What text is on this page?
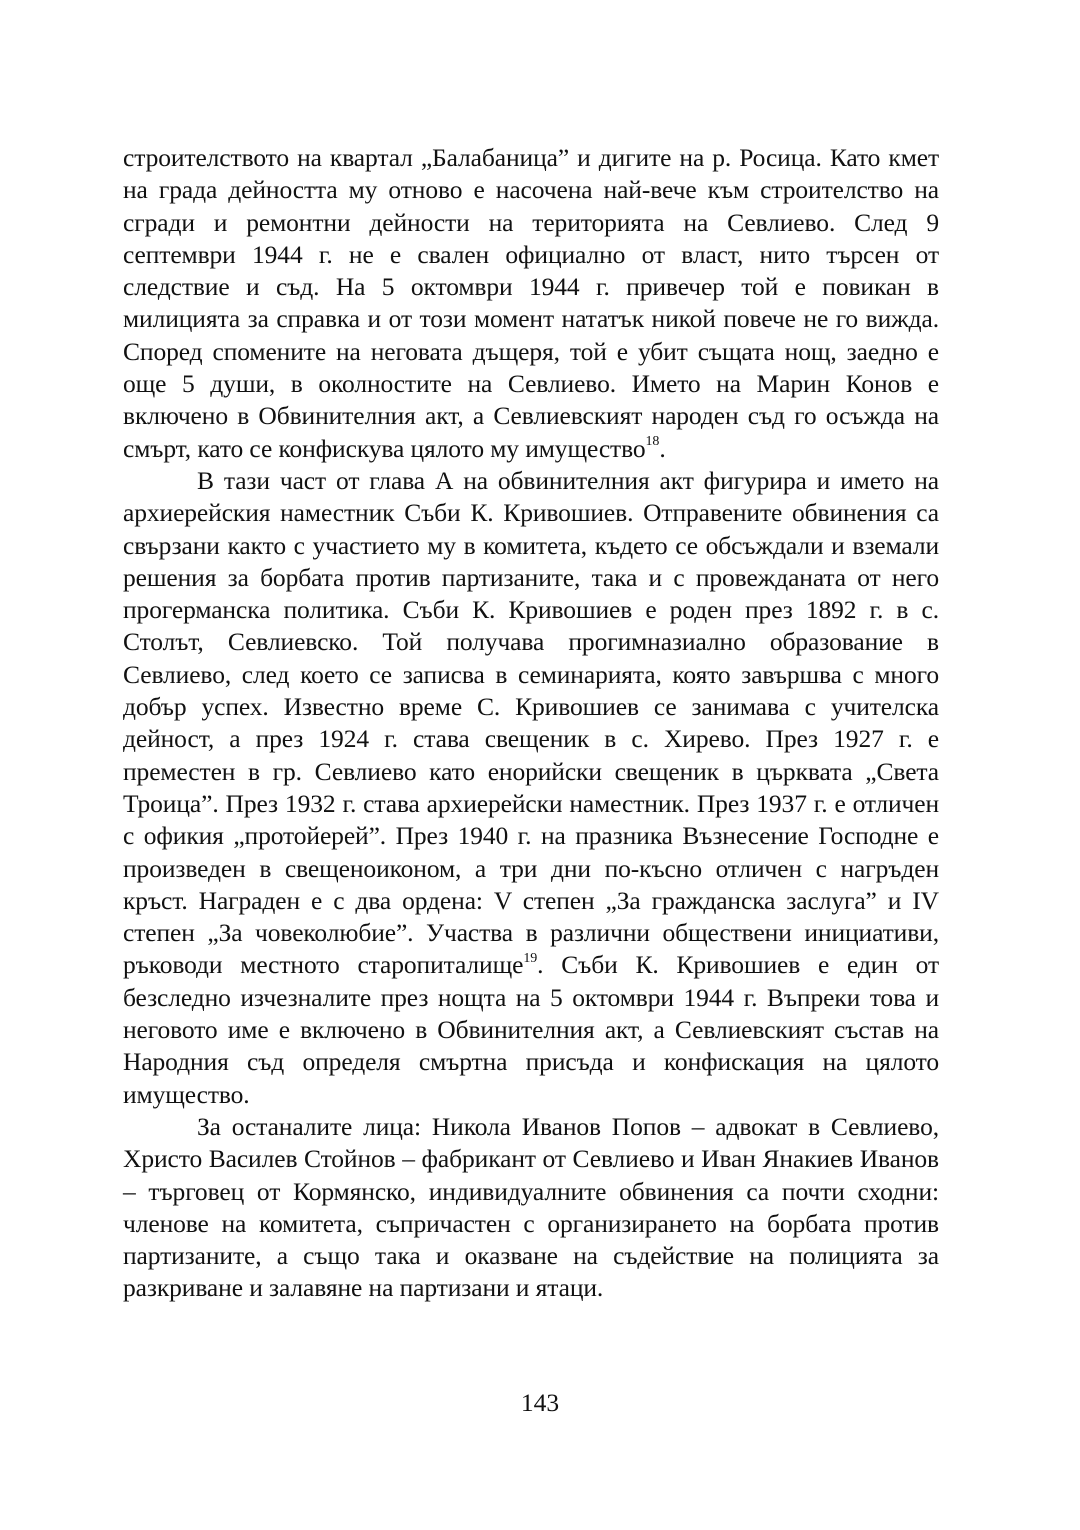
строителството на квартал „Балабаница” и дигите на р. Росица. Като кмет на града дейността му отново е насочена най-вече към строителство на сгради и ремонтни дейности на територията на Севлиево. След 9 септември 1944 г. не е свален официално от власт, нито търсен от следствие и съд. На 5 октомври 1944 г. привечер той е повикан в милицията за справка и от този момент нататък никой повече не го вижда. Според спомените на неговата дъщеря, той е убит същата нощ, заедно е още 5 души, в околностите на Севлиево. Името на Марин Конов е включено в Обвинителния акт, а Севлиевският народен съд го осъжда на смърт, като се конфискува цялото му имущество$^{18}$.

В тази част от глава А на обвинителния акт фигурира и името на архиерейския наместник Съби К. Кривошиев. Отправените обвинения са свързани както с участието му в комитета, където се обсъждали и вземали решения за борбата против партизаните, така и с провежданата от него прогерманска политика. Съби К. Кривошиев е роден през 1892 г. в с. Столът, Севлиевско. Той получава прогимназиално образование в Севлиево, след което се записва в семинарията, която завършва с много добър успех. Известно време С. Кривошиев се занимава с учителска дейност, а през 1924 г. става свещеник в с. Хирево. През 1927 г. е преместен в гр. Севлиево като енорийски свещеник в църквата „Света Троица”. През 1932 г. става архиерейски наместник. През 1937 г. е отличен с офикия „протойерей”. През 1940 г. на празника Възнесение Господне е произведен в свещеноиконом, а три дни по-късно отличен с нагръден кръст. Награден е с два ордена: V степен „За гражданска заслуга” и IV степен „За човеколюбие”. Участва в различни обществени инициативи, ръководи местното старопиталище$^{19}$. Съби К. Кривошиев е един от безследно изчезналите през нощта на 5 октомври 1944 г. Въпреки това и неговото име е включено в Обвинителния акт, а Севлиевският състав на Народния съд определя смъртна присъда и конфискация на цялото имущество.

За останалите лица: Никола Иванов Попов – адвокат в Севлиево, Христо Василев Стойнов – фабрикант от Севлиево и Иван Янакиев Иванов – търговец от Кормянско, индивидуалните обвинения са почти сходни: членове на комитета, съпричастен с организирането на борбата против партизаните, а също така и оказване на съдействие на полицията за разкриване и залавяне на партизани и ятаци.

143
